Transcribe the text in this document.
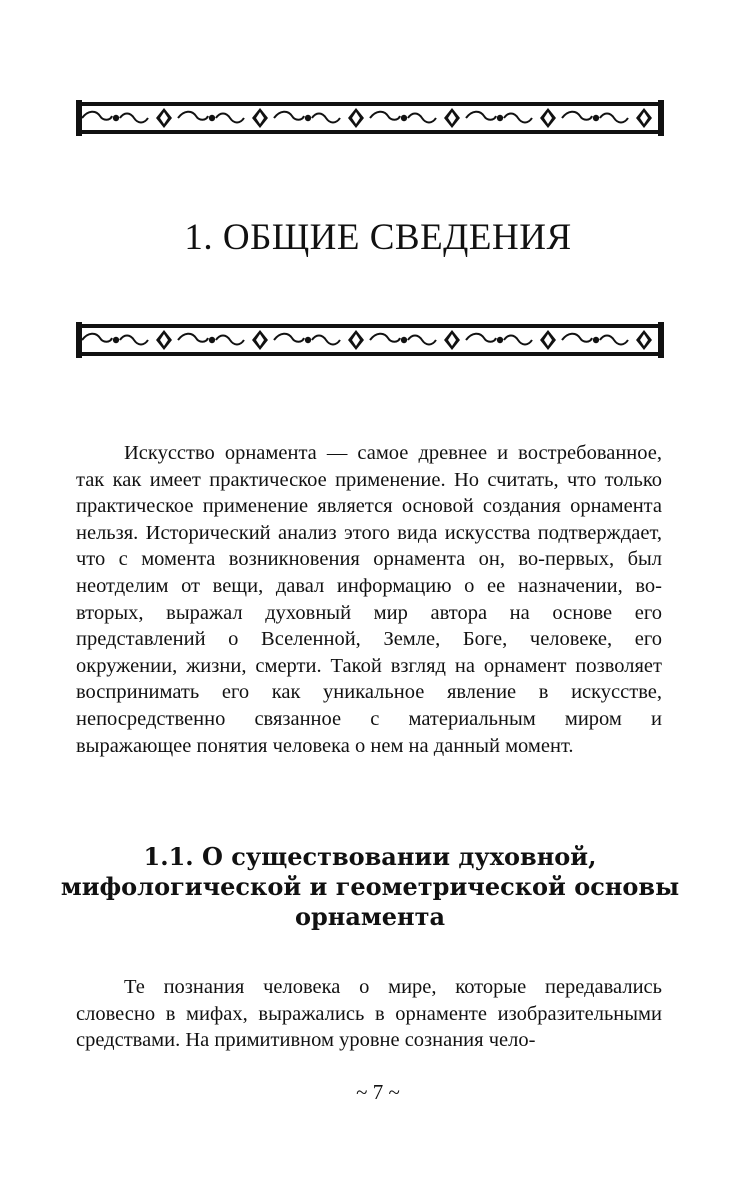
1. ОБЩИЕ СВЕДЕНИЯ

Искусство орнамента — самое древнее и востребованное, так как имеет практическое применение. Но считать, что только практическое применение является основой создания орнамента нельзя. Исторический анализ этого вида искусства подтверждает, что с момента возникновения орнамента он, во-первых, был неотделим от вещи, давал информацию о ее назначении, во-вторых, выражал духовный мир автора на основе его представлений о Вселенной, Земле, Боге, человеке, его окружении, жизни, смерти. Такой взгляд на орнамент позволяет воспринимать его как уникальное явление в искусстве, непосредственно связанное с материальным миром и выражающее понятия человека о нем на данный момент.

1.1. О существовании духовной,
мифологической и геометрической основы
орнамента

Те познания человека о мире, которые передавались словесно в мифах, выражались в орнаменте изобразительными средствами. На примитивном уровне сознания чело-

~ 7 ~
